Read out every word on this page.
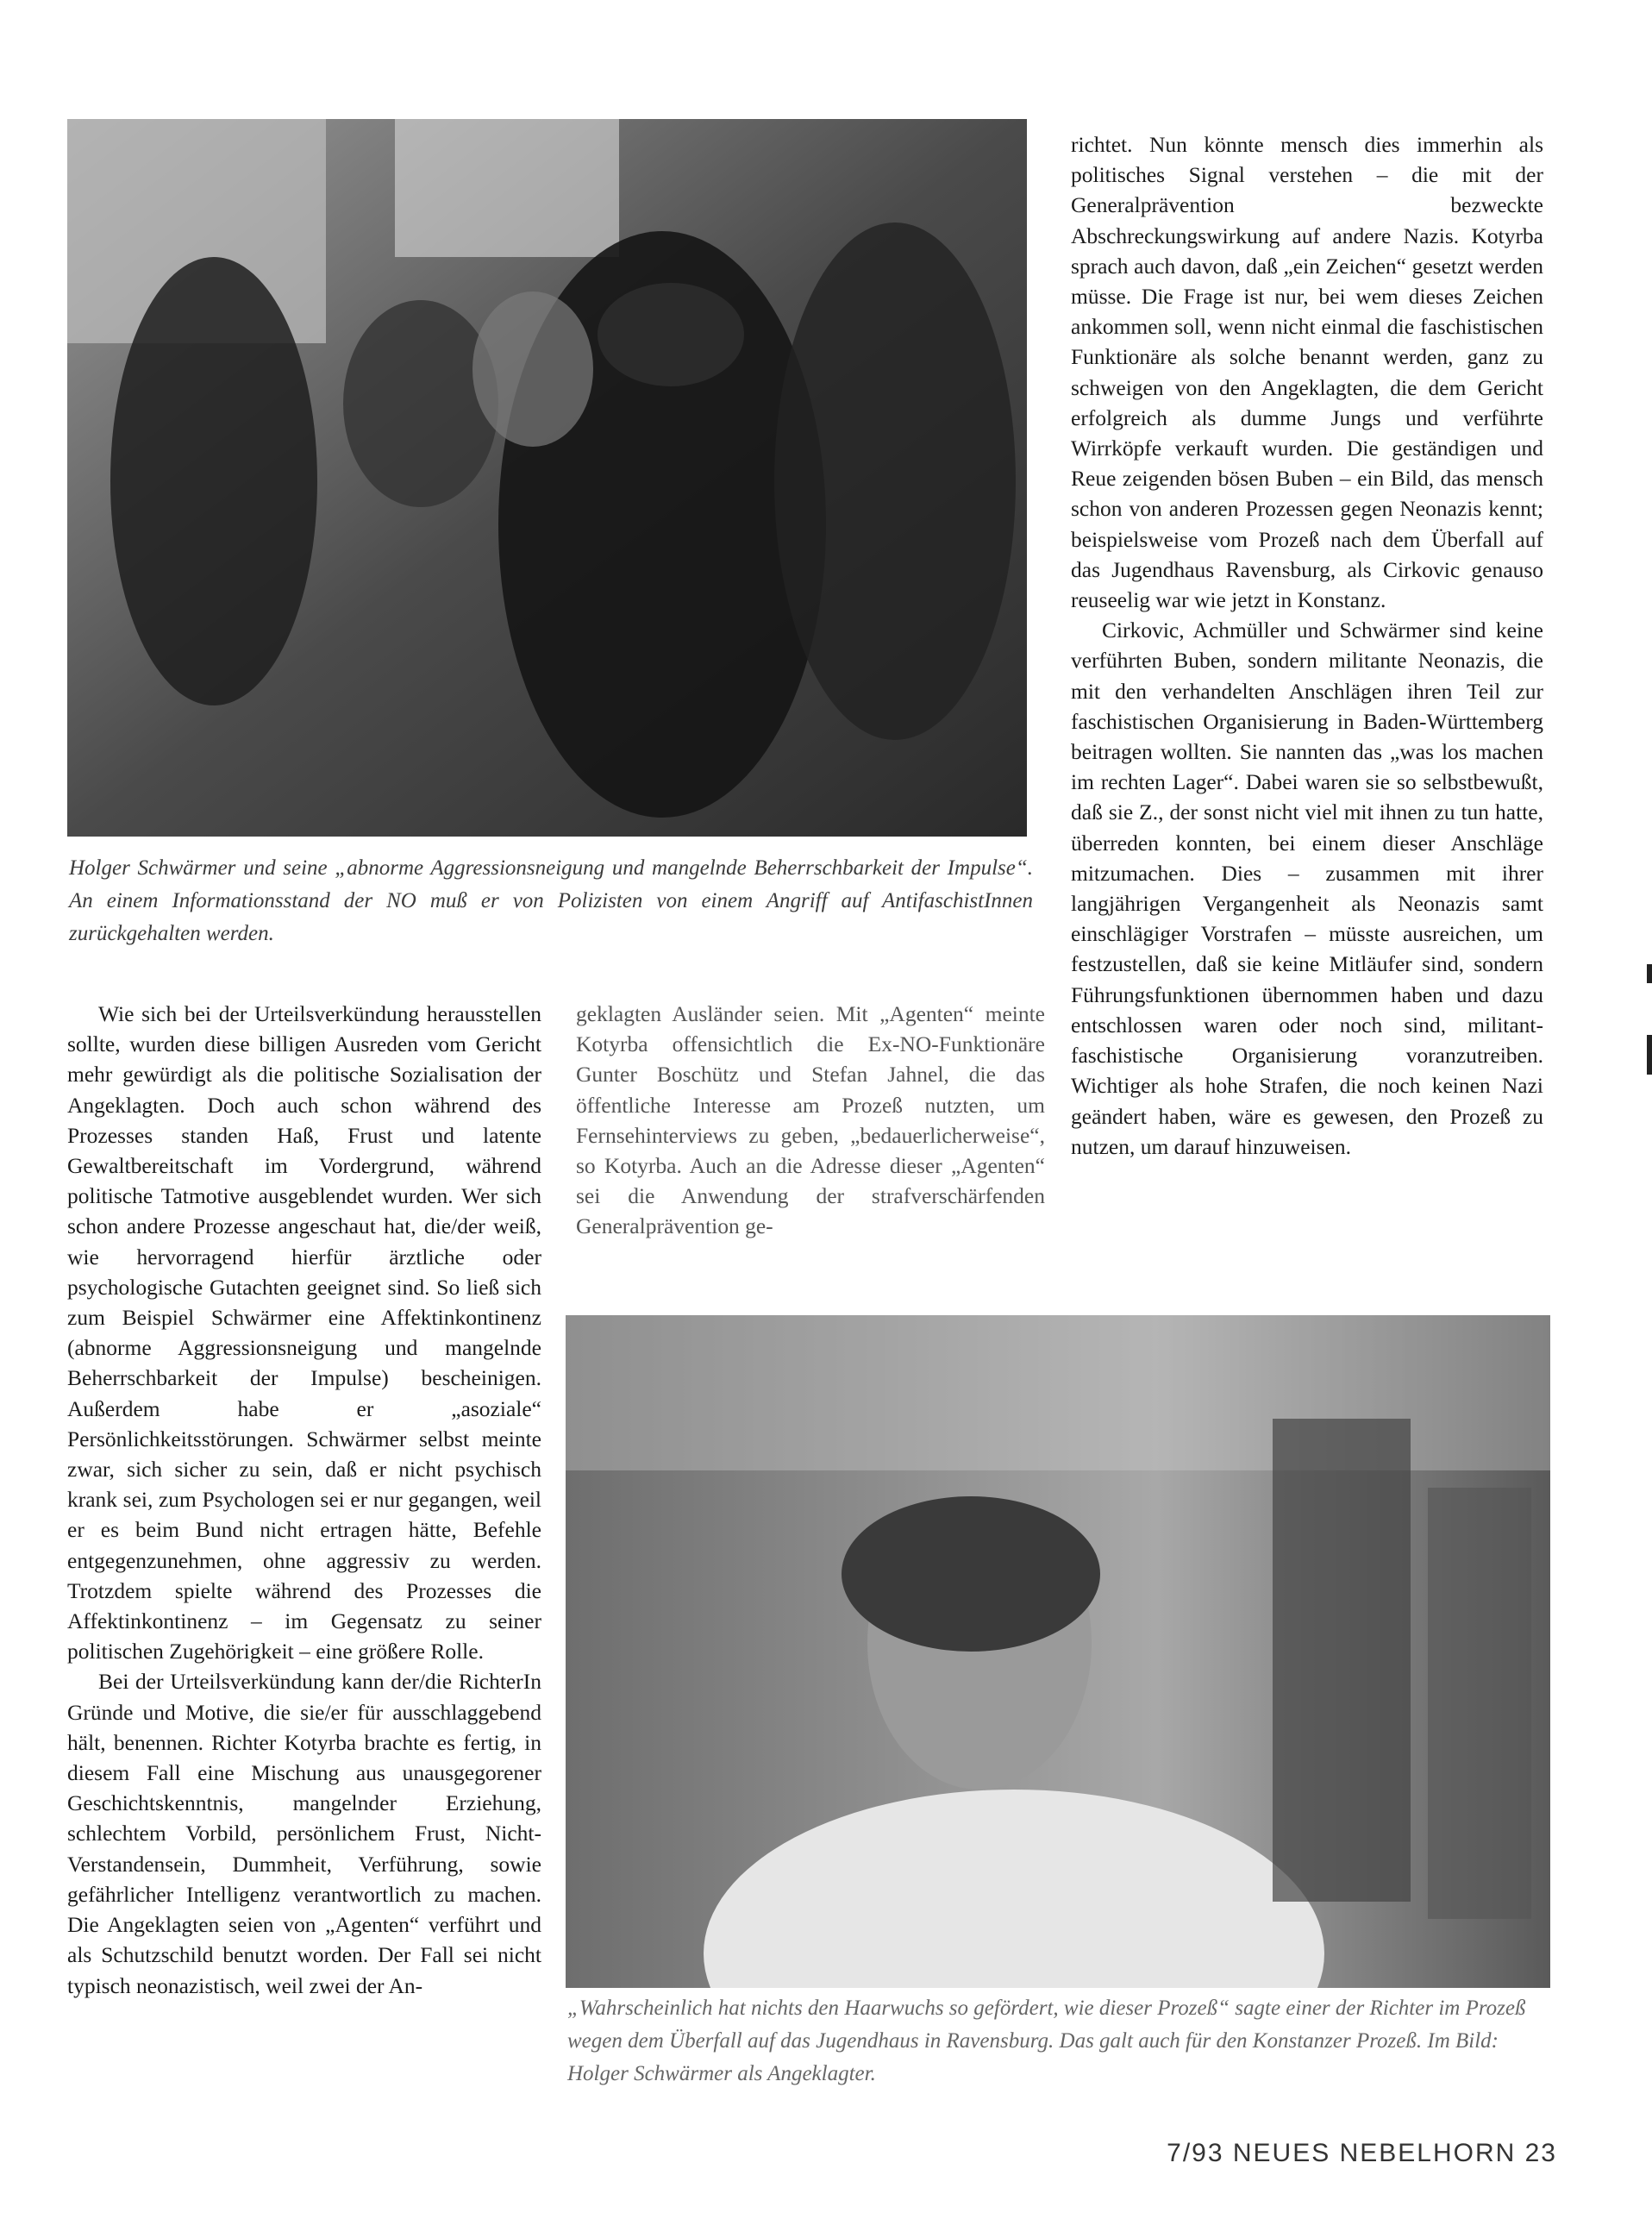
Holger Schwärmer und seine „abnorme Aggressionsneigung und mangelnde Beherrschbarkeit der Impulse“. An einem Informationsstand der NO muß er von Polizisten von einem Angriff auf AntifaschistInnen zurückgehalten werden.

richtet. Nun könnte mensch dies immerhin als politisches Signal verstehen – die mit der Generalprävention bezweckte Abschreckungswirkung auf andere Nazis. Kotyrba sprach auch davon, daß „ein Zeichen“ gesetzt werden müsse. Die Frage ist nur, bei wem dieses Zeichen ankommen soll, wenn nicht einmal die faschistischen Funktionäre als solche benannt werden, ganz zu schweigen von den Angeklagten, die dem Gericht erfolgreich als dumme Jungs und verführte Wirrköpfe verkauft wurden. Die geständigen und Reue zeigenden bösen Buben – ein Bild, das mensch schon von anderen Prozessen gegen Neonazis kennt; beispielsweise vom Prozeß nach dem Überfall auf das Jugendhaus Ravensburg, als Cirkovic genauso reuseelig war wie jetzt in Konstanz.

Cirkovic, Achmüller und Schwärmer sind keine verführten Buben, sondern militante Neonazis, die mit den verhandelten Anschlägen ihren Teil zur faschistischen Organisierung in Baden-Württemberg beitragen wollten. Sie nannten das „was los machen im rechten Lager“. Dabei waren sie so selbstbewußt, daß sie Z., der sonst nicht viel mit ihnen zu tun hatte, überreden konnten, bei einem dieser Anschläge mitzumachen. Dies – zusammen mit ihrer langjährigen Vergangenheit als Neonazis samt einschlägiger Vorstrafen – müsste ausreichen, um festzustellen, daß sie keine Mitläufer sind, sondern Führungsfunktionen übernommen haben und dazu entschlossen waren oder noch sind, militant-faschistische Organisierung voranzutreiben. Wichtiger als hohe Strafen, die noch keinen Nazi geändert haben, wäre es gewesen, den Prozeß zu nutzen, um darauf hinzuweisen.

Wie sich bei der Urteilsverkündung herausstellen sollte, wurden diese billigen Ausreden vom Gericht mehr gewürdigt als die politische Sozialisation der Angeklagten. Doch auch schon während des Prozesses standen Haß, Frust und latente Gewaltbereitschaft im Vordergrund, während politische Tatmotive ausgeblendet wurden. Wer sich schon andere Prozesse angeschaut hat, die/der weiß, wie hervorragend hierfür ärztliche oder psychologische Gutachten geeignet sind. So ließ sich zum Beispiel Schwärmer eine Affektinkontinenz (abnorme Aggressionsneigung und mangelnde Beherrschbarkeit der Impulse) bescheinigen. Außerdem habe er „asoziale“ Persönlichkeitsstörungen. Schwärmer selbst meinte zwar, sich sicher zu sein, daß er nicht psychisch krank sei, zum Psychologen sei er nur gegangen, weil er es beim Bund nicht ertragen hätte, Befehle entgegenzunehmen, ohne aggressiv zu werden. Trotzdem spielte während des Prozesses die Affektinkontinenz – im Gegensatz zu seiner politischen Zugehörigkeit – eine größere Rolle.

Bei der Urteilsverkündung kann der/die RichterIn Gründe und Motive, die sie/er für ausschlaggebend hält, benennen. Richter Kotyrba brachte es fertig, in diesem Fall eine Mischung aus unausgegorener Geschichtskenntnis, mangelnder Erziehung, schlechtem Vorbild, persönlichem Frust, Nicht-Verstandensein, Dummheit, Verführung, sowie gefährlicher Intelligenz verantwortlich zu machen. Die Angeklagten seien von „Agenten“ verführt und als Schutzschild benutzt worden. Der Fall sei nicht typisch neonazistisch, weil zwei der An-

geklagten Ausländer seien. Mit „Agenten“ meinte Kotyrba offensichtlich die Ex-NO-Funktionäre Gunter Boschütz und Stefan Jahnel, die das öffentliche Interesse am Prozeß nutzten, um Fernsehinterviews zu geben, „bedauerlicherweise“, so Kotyrba. Auch an die Adresse dieser „Agenten“ sei die Anwendung der strafverschärfenden Generalprävention ge-

„Wahrscheinlich hat nichts den Haarwuchs so gefördert, wie dieser Prozeß“ sagte einer der Richter im Prozeß wegen dem Überfall auf das Jugendhaus in Ravensburg. Das galt auch für den Konstanzer Prozeß. Im Bild: Holger Schwärmer als Angeklagter.
7/93 NEUES NEBELHORN 23
